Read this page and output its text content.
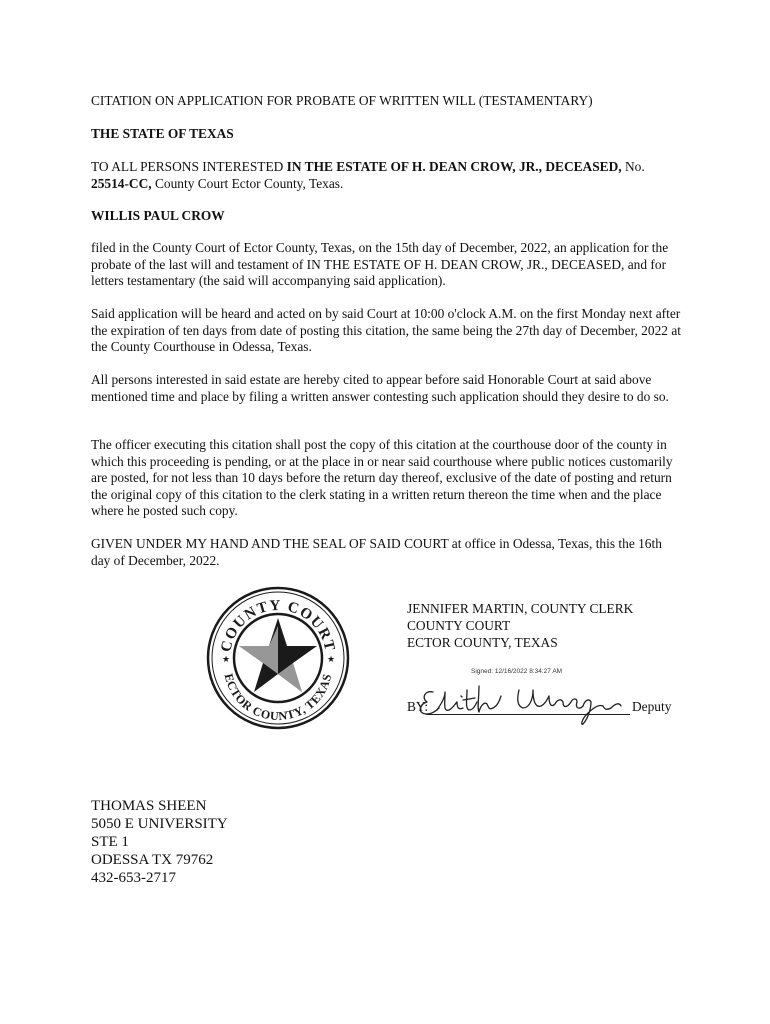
CITATION ON APPLICATION FOR PROBATE OF WRITTEN WILL (TESTAMENTARY)

THE STATE OF TEXAS

TO ALL PERSONS INTERESTED IN THE ESTATE OF H. DEAN CROW, JR., DECEASED, No. 25514-CC, County Court Ector County, Texas.

WILLIS PAUL CROW

filed in the County Court of Ector County, Texas, on the 15th day of December, 2022, an application for the probate of the last will and testament of IN THE ESTATE OF H. DEAN CROW, JR., DECEASED, and for letters testamentary (the said will accompanying said application).

Said application will be heard and acted on by said Court at 10:00 o'clock A.M. on the first Monday next after the expiration of ten days from date of posting this citation, the same being the 27th day of December, 2022 at the County Courthouse in Odessa, Texas.

All persons interested in said estate are hereby cited to appear before said Honorable Court at said above mentioned time and place by filing a written answer contesting such application should they desire to do so.

The officer executing this citation shall post the copy of this citation at the courthouse door of the county in which this proceeding is pending, or at the place in or near said courthouse where public notices customarily are posted, for not less than 10 days before the return day thereof, exclusive of the date of posting and return the original copy of this citation to the clerk stating in a written return thereon the time when and the place where he posted such copy.

GIVEN UNDER MY HAND AND THE SEAL OF SAID COURT at office in Odessa, Texas, this the 16th day of December, 2022.

COUNTY COURT
ECTOR COUNTY, TEXAS
★	★
JENNIFER MARTIN, COUNTY CLERK
COUNTY COURT
ECTOR COUNTY, TEXAS
Signed: 12/16/2022 8:34:27 AM
BY:	Deputy
THOMAS SHEEN
5050 E UNIVERSITY
STE 1
ODESSA TX 79762
432-653-2717
